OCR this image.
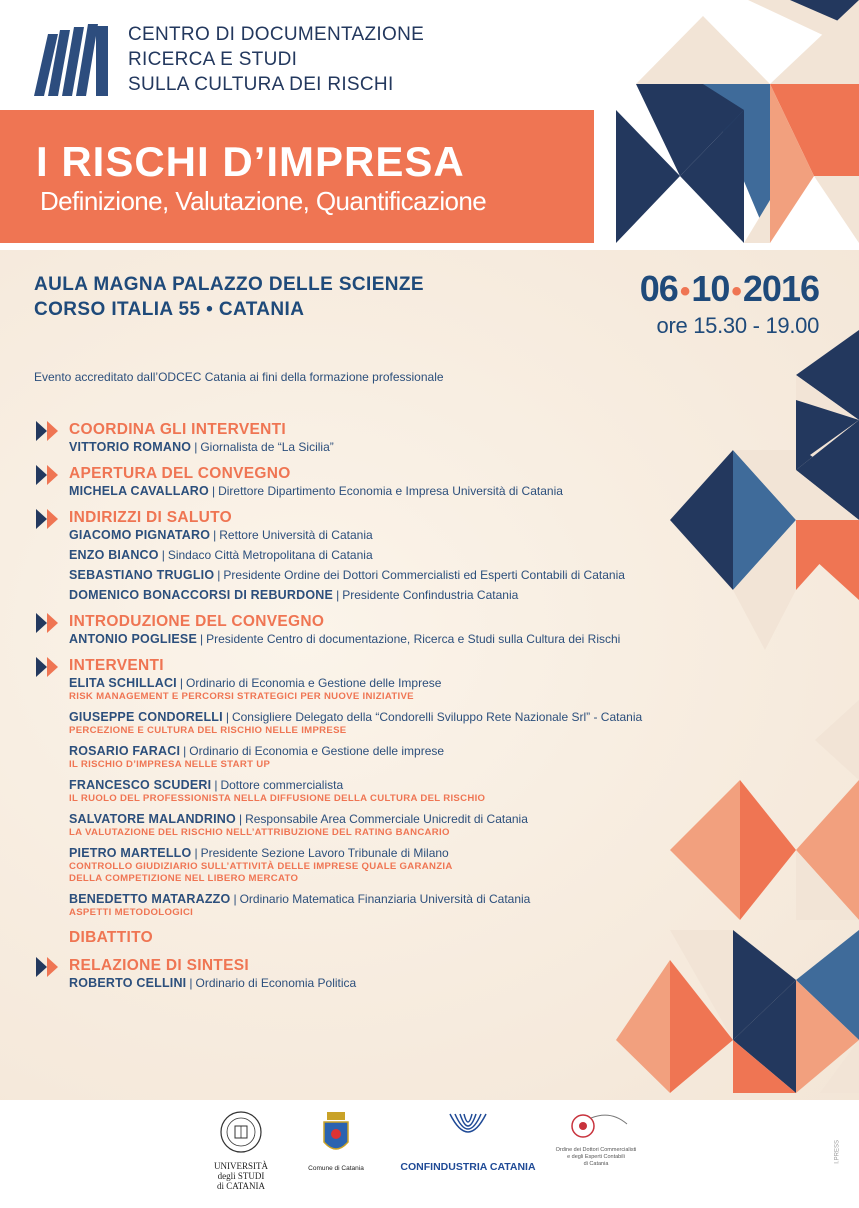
CENTRO DI DOCUMENTAZIONE
RICERCA E STUDI
SULLA CULTURA DEI RISCHI
I RISCHI D’IMPRESA
Definizione, Valutazione, Quantificazione
AULA MAGNA PALAZZO DELLE SCIENZE
CORSO ITALIA 55 • CATANIA
06•10•2016
ore 15.30 - 19.00
Evento accreditato dall’ODCEC Catania ai fini della formazione professionale
COORDINA GLI INTERVENTI
VITTORIO ROMANO | Giornalista de “La Sicilia”
APERTURA DEL CONVEGNO
MICHELA CAVALLARO | Direttore Dipartimento Economia e Impresa Università di Catania
INDIRIZZI DI SALUTO
GIACOMO PIGNATARO | Rettore Università di Catania
ENZO BIANCO | Sindaco Città Metropolitana di Catania
SEBASTIANO TRUGLIO | Presidente Ordine dei Dottori Commercialisti ed Esperti Contabili di Catania
DOMENICO BONACCORSI DI REBURDONE | Presidente Confindustria Catania
INTRODUZIONE DEL CONVEGNO
ANTONIO POGLIESE | Presidente Centro di documentazione, Ricerca e Studi sulla Cultura dei Rischi
INTERVENTI
ELITA SCHILLACI | Ordinario di Economia e Gestione delle Imprese
RISK MANAGEMENT E PERCORSI STRATEGICI PER NUOVE INIZIATIVE
GIUSEPPE CONDORELLI | Consigliere Delegato della “Condorelli Sviluppo Rete Nazionale Srl” - Catania
PERCEZIONE E CULTURA DEL RISCHIO NELLE IMPRESE
ROSARIO FARACI | Ordinario di Economia e Gestione delle imprese
IL RISCHIO D’IMPRESA NELLE START UP
FRANCESCO SCUDERI | Dottore commercialista
IL RUOLO DEL PROFESSIONISTA NELLA DIFFUSIONE DELLA CULTURA DEL RISCHIO
SALVATORE MALANDRINO | Responsabile Area Commerciale Unicredit di Catania
LA VALUTAZIONE DEL RISCHIO NELL’ATTRIBUZIONE DEL RATING BANCARIO
PIETRO MARTELLO | Presidente Sezione Lavoro Tribunale di Milano
CONTROLLO GIUDIZIARIO SULL’ATTIVITÀ DELLE IMPRESE QUALE GARANZIA
DELLA COMPETIZIONE NEL LIBERO MERCATO
BENEDETTO MATARAZZO | Ordinario Matematica Finanziaria Università di Catania
ASPETTI METODOLOGICI
DIBATTITO
RELAZIONE DI SINTESI
ROBERTO CELLINI | Ordinario di Economia Politica
UNIVERSITÀ
degli STUDI
di CATANIA
Comune di Catania	CONFINDUSTRIA CATANIA
Ordine dei Dottori Commercialisti
e degli Esperti Contabili
di Catania
I.PRESS
